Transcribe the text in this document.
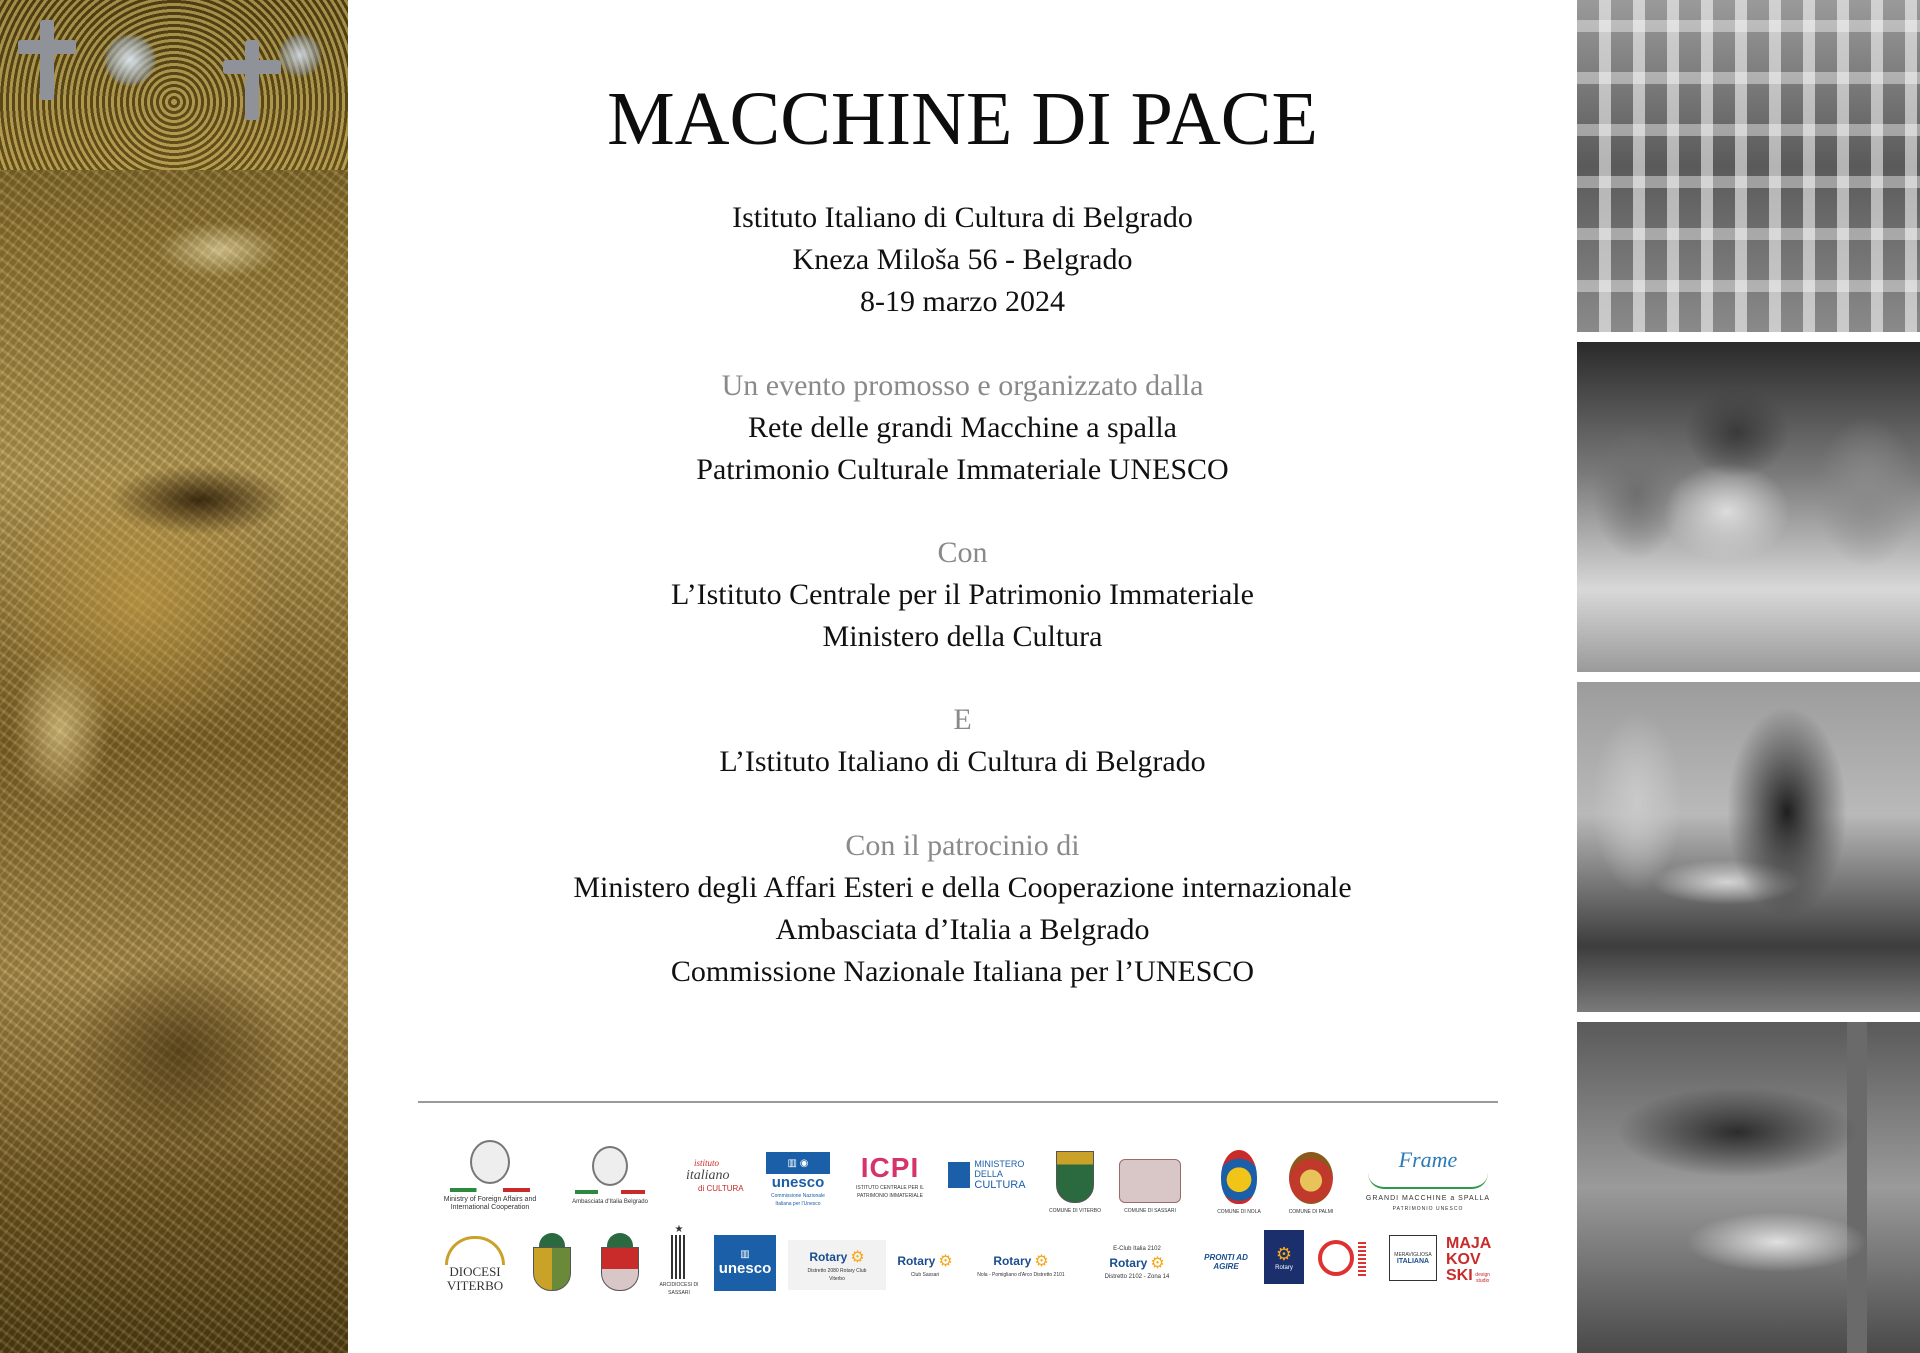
MACCHINE DI PACE
Istituto Italiano di Cultura di Belgrado
Kneza Miloša 56 - Belgrado
8-19 marzo 2024
Un evento promosso e organizzato dalla
Rete delle grandi Macchine a spalla
Patrimonio Culturale Immateriale UNESCO
Con
L’Istituto Centrale per il Patrimonio Immateriale
Ministero della Cultura
E
L’Istituto Italiano di Cultura di Belgrado
Con il patrocinio di
Ministero degli Affari Esteri e della Cooperazione internazionale
Ambasciata d’Italia a Belgrado
Commissione Nazionale Italiana per l’UNESCO
Ministry of Foreign Affairs and International Cooperation
Ambasciata d'Italia Belgrado
istituto
italiano
di CULTURA
▥ ◉
unesco
Commissione Nazionale Italiana per l'Unesco
ICPI
ISTITUTO CENTRALE PER IL PATRIMONIO IMMATERIALE
MINISTERO
DELLA
CULTURA
COMUNE DI VITERBO	COMUNE DI SASSARI	COMUNE DI NOLA	COMUNE DI PALMI
Frame
GRANDI MACCHINE a SPALLA
PATRIMONIO UNESCO
DIOCESI
VITERBO
★
ARCIDIOCESI DI SASSARI
▥
unesco
Rotary ⚙
Distretto 2080 Rotary Club Viterbo
Rotary ⚙
Club Sassari
Rotary ⚙
Nola - Pomigliano d'Arco Distretto 2101
E-Club Italia 2102
Rotary ⚙
Distretto 2102 - Zona 14
PRONTI AD AGIRE
⚙
Rotary
MERAVIGLIOSA
ITALIANA
MAJA
KOV
SKI design studio
